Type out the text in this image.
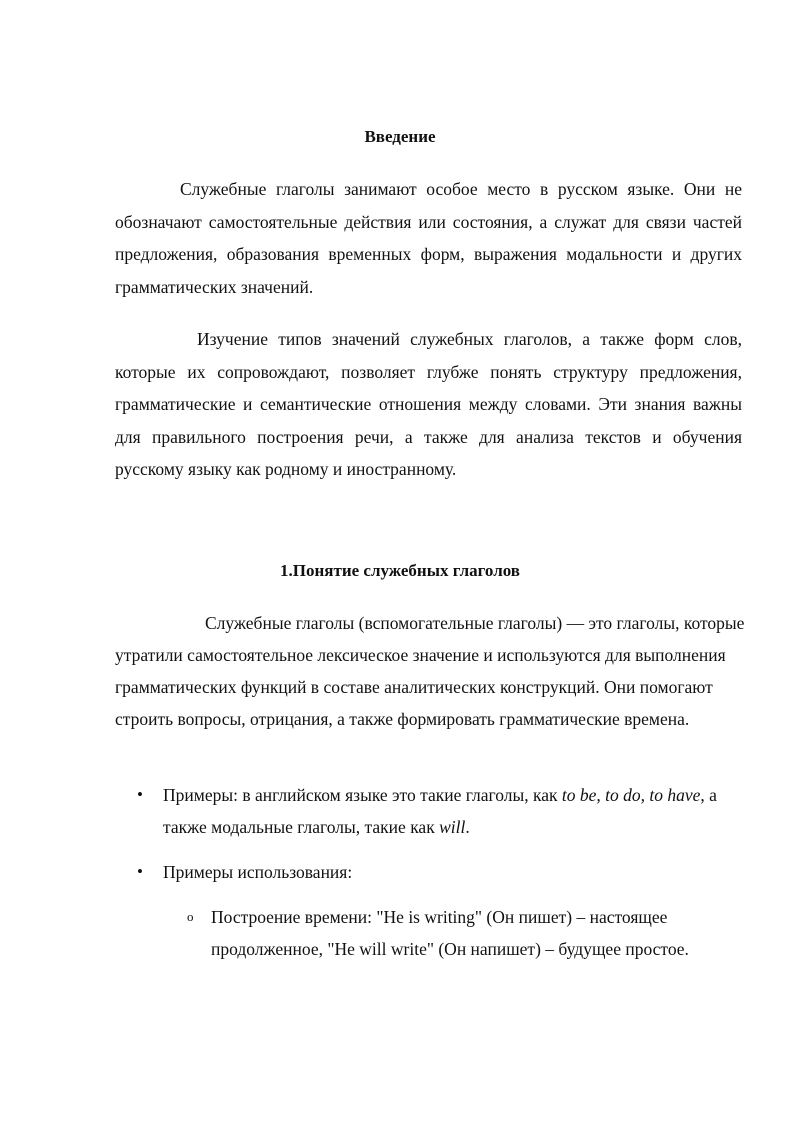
Введение

Служебные глаголы занимают особое место в русском языке. Они не обозначают самостоятельные действия или состояния, а служат для связи частей предложения, образования временных форм, выражения модальности и других грамматических значений.

Изучение типов значений служебных глаголов, а также форм слов, которые их сопровождают, позволяет глубже понять структуру предложения, грамматические и семантические отношения между словами. Эти знания важны для правильного построения речи, а также для анализа текстов и обучения русскому языку как родному и иностранному.

1.Понятие служебных глаголов

Служебные глаголы (вспомогательные глаголы) — это глаголы, которые утратили самостоятельное лексическое значение и используются для выполнения грамматических функций в составе аналитических конструкций. Они помогают строить вопросы, отрицания, а также формировать грамматические времена.

• Примеры: в английском языке это такие глаголы, как to be, to do, to have, а также модальные глаголы, такие как will.
• Примеры использования:
o Построение времени: "He is writing" (Он пишет) – настоящее продолженное, "He will write" (Он напишет) – будущее простое.
